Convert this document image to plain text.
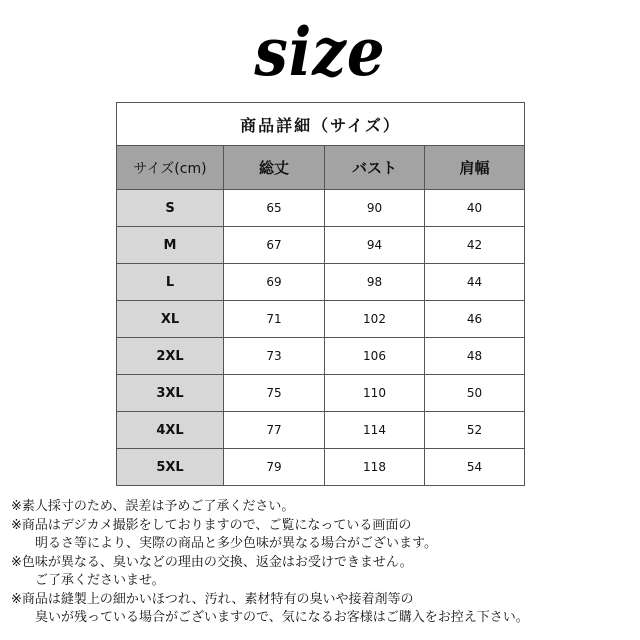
size
商品詳細（サイズ）			
サイズ(cm)	総丈	バスト	肩幅
S	65	90	40
M	67	94	42
L	69	98	44
XL	71	102	46
2XL	73	106	48
3XL	75	110	50
4XL	77	114	52
5XL	79	118	54
※素人採寸のため、誤差は予めご了承ください。
※商品はデジカメ撮影をしておりますので、ご覧になっている画面の
明るさ等により、実際の商品と多少色味が異なる場合がございます。
※色味が異なる、臭いなどの理由の交換、返金はお受けできません。
ご了承くださいませ。
※商品は縫製上の細かいほつれ、汚れ、素材特有の臭いや接着剤等の
臭いが残っている場合がございますので、気になるお客様はご購入をお控え下さい。
